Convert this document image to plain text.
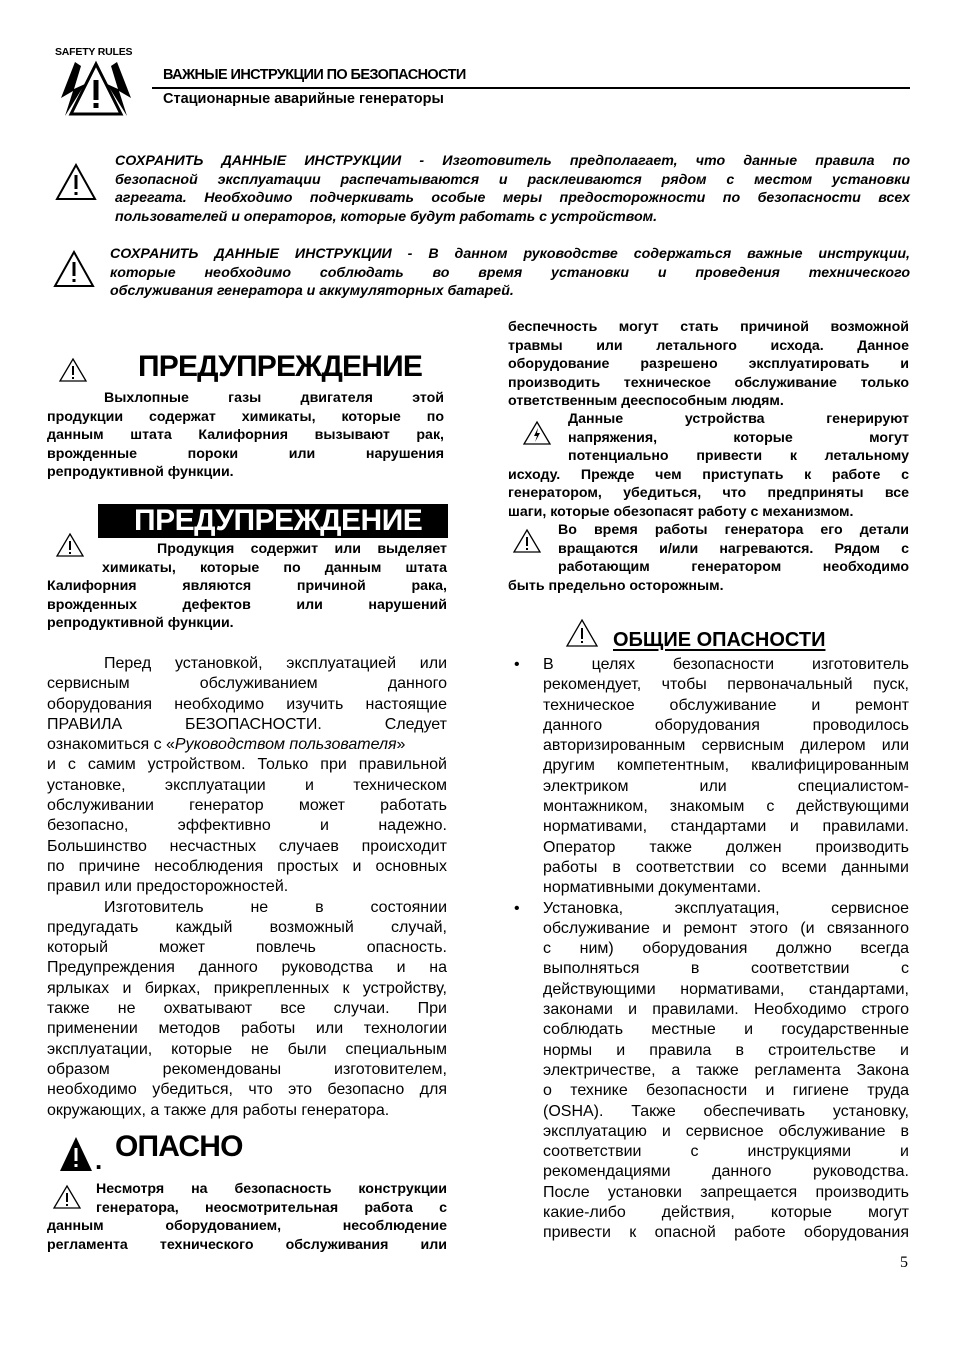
SAFETY RULES
ВАЖНЫЕ ИНСТРУКЦИИ ПО БЕЗОПАСНОСТИ
Стационарные аварийные генераторы
СОХРАНИТЬ ДАННЫЕ ИНСТРУКЦИИ - Изготовитель предполагает, что данные правила по
безопасной эксплуатации распечатываются и расклеиваются рядом с местом установки
агрегата. Необходимо подчеркивать особые меры предосторожности по безопасности всех
пользователей и операторов, которые будут работать с устройством.
СОХРАНИТЬ ДАННЫЕ ИНСТРУКЦИИ - В данном руководстве содержаться важные инструкции,
которые необходимо соблюдать во время установки и проведения технического
обслуживания генератора и аккумуляторных батарей.
ПРЕДУПРЕЖДЕНИЕ
Выхлопные газы двигателя этой
продукции содержат химикаты, которые по
данным штата Калифорния вызывают рак,
врожденные пороки или нарушения
репродуктивной функции.
ПРЕДУПРЕЖДЕНИЕ
Продукция содержит или выделяет
химикаты, которые по данным штата
Калифорния являются причиной рака,
врожденных дефектов или нарушений
репродуктивной функции.
Перед установкой, эксплуатацией или
сервисным обслуживанием данного
оборудования необходимо изучить настоящие
ПРАВИЛА БЕЗОПАСНОСТИ. Следует
ознакомиться с «Руководством пользователя»
и с самим устройством. Только при правильной
установке, эксплуатации и техническом
обслуживании генератор может работать
безопасно, эффективно и надежно.
Большинство несчастных случаев происходит
по причине несоблюдения простых и основных
правил или предосторожностей.
Изготовитель не в состоянии
предугадать каждый возможный случай,
который может повлечь опасность.
Предупреждения данного руководства и на
ярлыках и бирках, прикрепленных к устройству,
также не охватывают все случаи. При
применении методов работы или технологии
эксплуатации, которые не были специальным
образом рекомендованы изготовителем,
необходимо убедиться, что это безопасно для
окружающих, а также для работы генератора.
. ОПАСНО
Несмотря на безопасность конструкции
генератора, неосмотрительная работа с
данным оборудованием, несоблюдение
регламента технического обслуживания или
беспечность могут стать причиной возможной
травмы или летального исхода. Данное
оборудование разрешено эксплуатировать и
производить техническое обслуживание только
ответственным дееспособным людям.
Данные устройства генерируют
напряжения, которые могут
потенциально привести к летальному
исходу. Прежде чем приступать к работе с
генератором, убедиться, что предприняты все
шаги, которые обезопасят работу с механизмом.
Во время работы генератора его детали
вращаются и/или нагреваются. Рядом с
работающим генератором необходимо
быть предельно осторожным.
ОБЩИЕ ОПАСНОСТИ
• В целях безопасности изготовитель
рекомендует, чтобы первоначальный пуск,
техническое обслуживание и ремонт
данного оборудования проводилось
авторизированным сервисным дилером или
другим компетентным, квалифицированным
электриком или специалистом-
монтажником, знакомым с действующими
нормативами, стандартами и правилами.
Оператор также должен производить
работы в соответствии со всеми данными
нормативными документами.
• Установка, эксплуатация, сервисное
обслуживание и ремонт этого (и связанного
с ним) оборудования должно всегда
выполняться в соответствии с
действующими нормативами, стандартами,
законами и правилами. Необходимо строго
соблюдать местные и государственные
нормы и правила в строительстве и
электричестве, а также регламента Закона
о технике безопасности и гигиене труда
(OSHA). Также обеспечивать установку,
эксплуатацию и сервисное обслуживание в
соответствии с инструкциями и
рекомендациями данного руководства.
После установки запрещается производить
какие-либо действия, которые могут
привести к опасной работе оборудования
5
